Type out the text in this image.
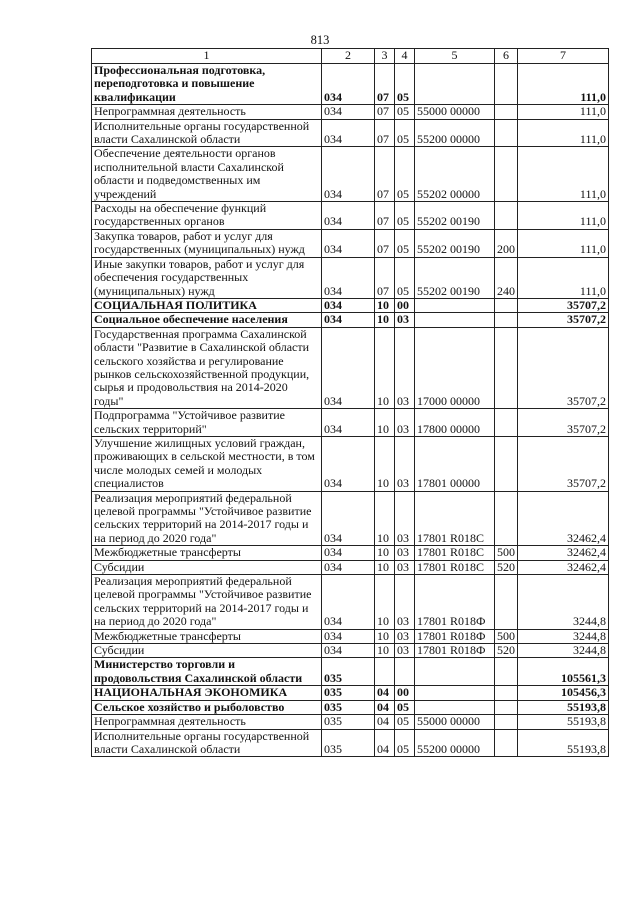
813
1	2	3	4	5	6	7
Профессиональная подготовка, переподготовка и повышение квалификации	034	07	05			111,0
Непрограммная деятельность	034	07	05	55000 00000		111,0
Исполнительные органы государственной власти Сахалинской области	034	07	05	55200 00000		111,0
Обеспечение деятельности органов исполнительной власти Сахалинской области и подведомственных им учреждений	034	07	05	55202 00000		111,0
Расходы на обеспечение функций государственных органов	034	07	05	55202 00190		111,0
Закупка товаров, работ и услуг для государственных (муниципальных) нужд	034	07	05	55202 00190	200	111,0
Иные закупки товаров, работ и услуг для обеспечения государственных (муниципальных) нужд	034	07	05	55202 00190	240	111,0
СОЦИАЛЬНАЯ ПОЛИТИКА	034	10	00			35707,2
Социальное обеспечение населения	034	10	03			35707,2
Государственная программа Сахалинской области "Развитие в Сахалинской области сельского хозяйства и регулирование рынков сельскохозяйственной продукции, сырья и продовольствия на 2014-2020 годы"	034	10	03	17000 00000		35707,2
Подпрограмма "Устойчивое развитие сельских территорий"	034	10	03	17800 00000		35707,2
Улучшение жилищных условий граждан, проживающих в сельской местности, в том числе молодых семей и молодых специалистов	034	10	03	17801 00000		35707,2
Реализация мероприятий федеральной целевой программы "Устойчивое развитие сельских территорий на 2014-2017 годы и на период до 2020 года"	034	10	03	17801 R018C		32462,4
Межбюджетные трансферты	034	10	03	17801 R018C	500	32462,4
Субсидии	034	10	03	17801 R018C	520	32462,4
Реализация мероприятий федеральной целевой программы "Устойчивое развитие сельских территорий на 2014-2017 годы и на период до 2020 года"	034	10	03	17801 R018Ф		3244,8
Межбюджетные трансферты	034	10	03	17801 R018Ф	500	3244,8
Субсидии	034	10	03	17801 R018Ф	520	3244,8
Министерство торговли и продовольствия Сахалинской области	035					105561,3
НАЦИОНАЛЬНАЯ ЭКОНОМИКА	035	04	00			105456,3
Сельское хозяйство и рыболовство	035	04	05			55193,8
Непрограммная деятельность	035	04	05	55000 00000		55193,8
Исполнительные органы государственной власти Сахалинской области	035	04	05	55200 00000		55193,8
